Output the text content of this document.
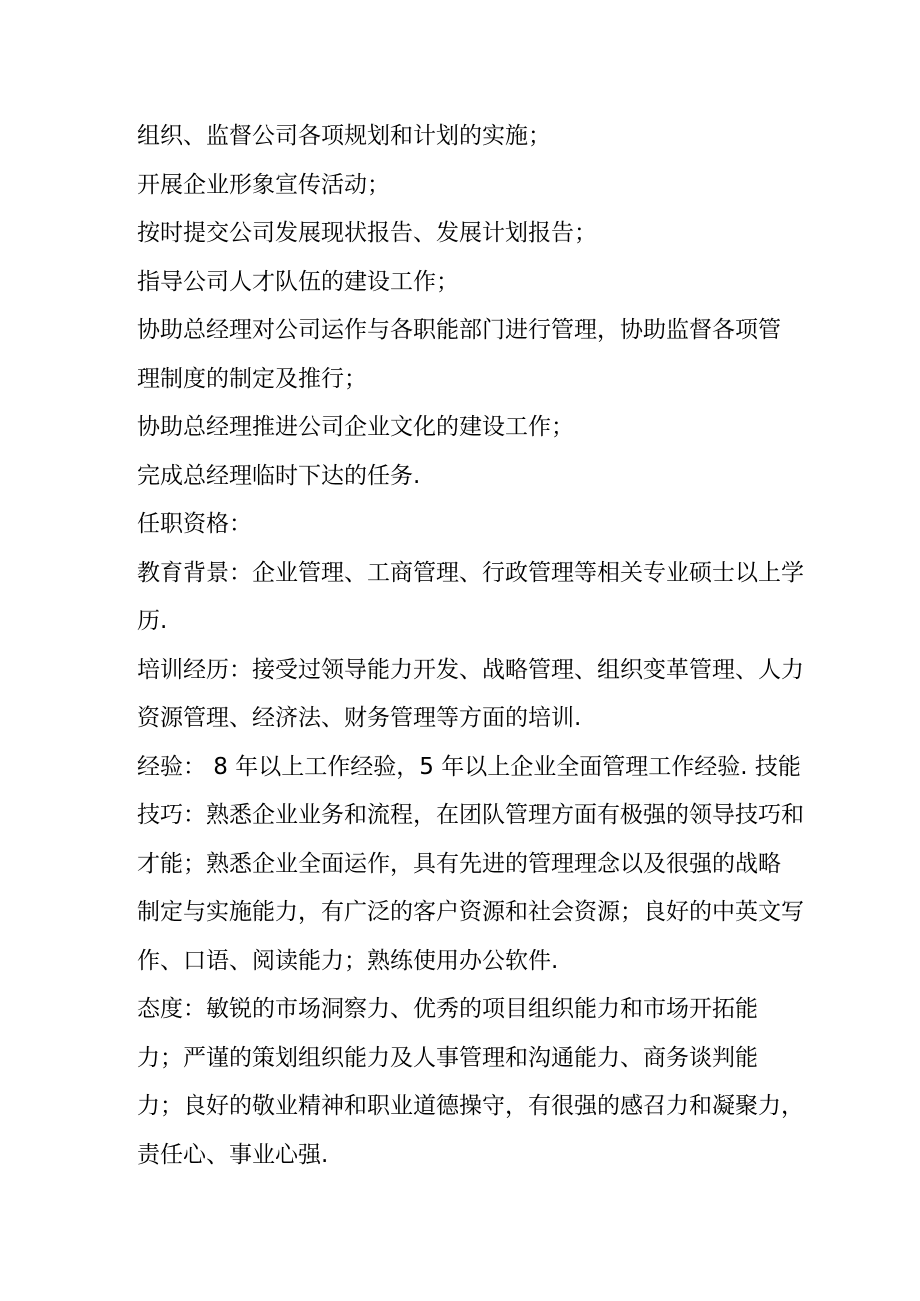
组织、监督公司各项规划和计划的实施；
开展企业形象宣传活动；
按时提交公司发展现状报告、发展计划报告；
指导公司人才队伍的建设工作；
协助总经理对公司运作与各职能部门进行管理，协助监督各项管
理制度的制定及推行；
协助总经理推进公司企业文化的建设工作；
完成总经理临时下达的任务.
任职资格：
教育背景：企业管理、工商管理、行政管理等相关专业硕士以上学
历.
培训经历：接受过领导能力开发、战略管理、组织变革管理、人力
资源管理、经济法、财务管理等方面的培训.
经验： 8 年以上工作经验，5 年以上企业全面管理工作经验. 技能
技巧：熟悉企业业务和流程，在团队管理方面有极强的领导技巧和
才能；熟悉企业全面运作，具有先进的管理理念以及很强的战略
制定与实施能力，有广泛的客户资源和社会资源；良好的中英文写
作、口语、阅读能力；熟练使用办公软件.
态度：敏锐的市场洞察力、优秀的项目组织能力和市场开拓能
力；严谨的策划组织能力及人事管理和沟通能力、商务谈判能
力；良好的敬业精神和职业道德操守，有很强的感召力和凝聚力，
责任心、事业心强.
